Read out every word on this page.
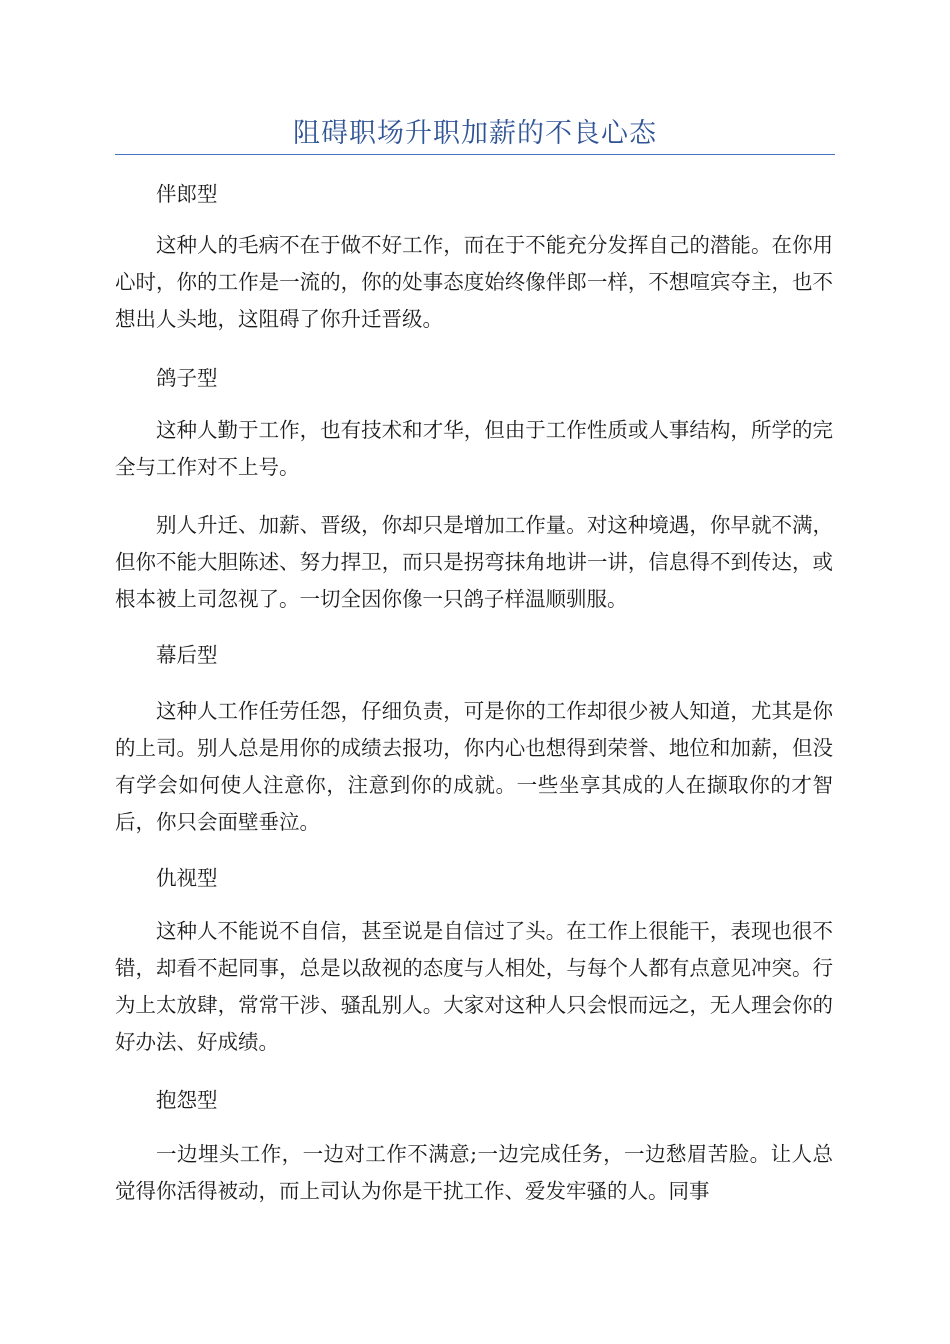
阻碍职场升职加薪的不良心态

伴郎型

这种人的毛病不在于做不好工作，而在于不能充分发挥自己的潜能。在你用心时，你的工作是一流的，你的处事态度始终像伴郎一样，不想喧宾夺主，也不想出人头地，这阻碍了你升迁晋级。

鸽子型

这种人勤于工作，也有技术和才华，但由于工作性质或人事结构，所学的完全与工作对不上号。

别人升迁、加薪、晋级，你却只是增加工作量。对这种境遇，你早就不满，但你不能大胆陈述、努力捍卫，而只是拐弯抹角地讲一讲，信息得不到传达，或根本被上司忽视了。一切全因你像一只鸽子样温顺驯服。

幕后型

这种人工作任劳任怨，仔细负责，可是你的工作却很少被人知道，尤其是你的上司。别人总是用你的成绩去报功，你内心也想得到荣誉、地位和加薪，但没有学会如何使人注意你，注意到你的成就。一些坐享其成的人在撷取你的才智后，你只会面壁垂泣。

仇视型

这种人不能说不自信，甚至说是自信过了头。在工作上很能干，表现也很不错，却看不起同事，总是以敌视的态度与人相处，与每个人都有点意见冲突。行为上太放肆，常常干涉、骚乱别人。大家对这种人只会恨而远之，无人理会你的好办法、好成绩。

抱怨型

一边埋头工作，一边对工作不满意;一边完成任务，一边愁眉苦脸。让人总觉得你活得被动，而上司认为你是干扰工作、爱发牢骚的人。同事
